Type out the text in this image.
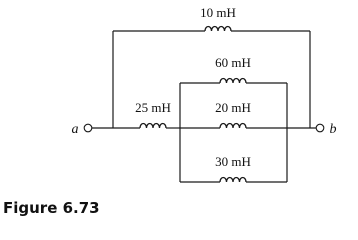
10 mH
25 mH
60 mH
20 mH
30 mH
a	b
Figure 6.73
